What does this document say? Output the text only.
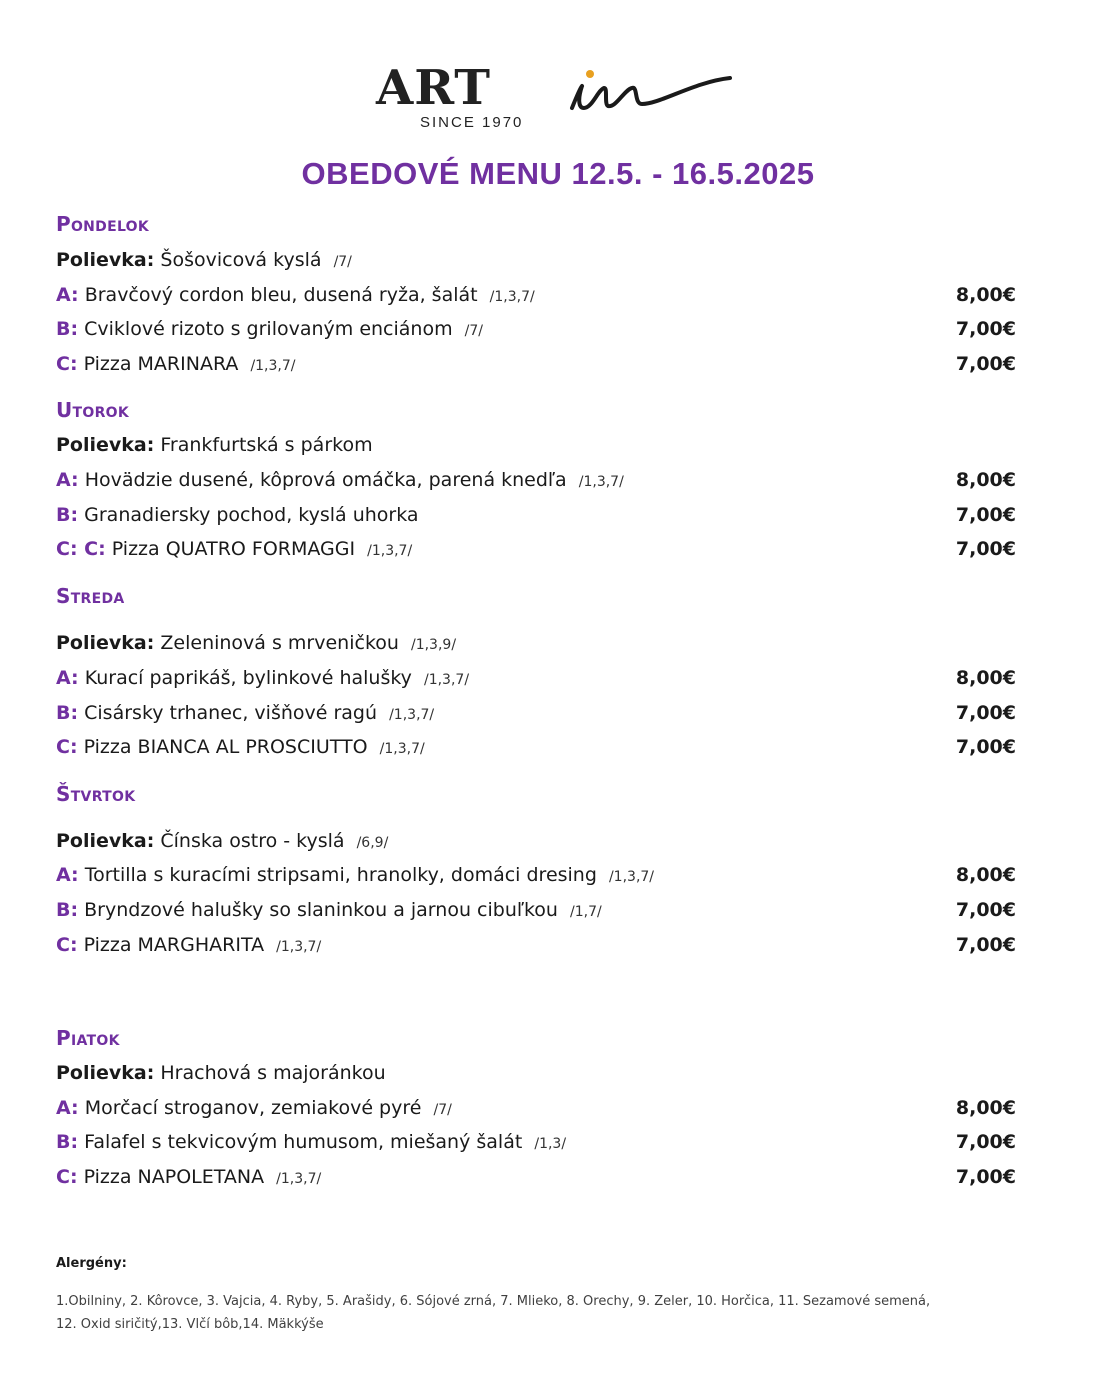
ART
SINCE 1970
OBEDOVÉ MENU 12.5. - 16.5.2025
Pondelok
Polievka: Šošovicová kyslá /7/
A: Bravčový cordon bleu, dusená ryža, šalát /1,3,7/	8,00€
B: Cviklové rizoto s grilovaným enciánom /7/	7,00€
C: Pizza MARINARA /1,3,7/	7,00€
Utorok
Polievka: Frankfurtská s párkom
A: Hovädzie dusené, kôprová omáčka, parená knedľa /1,3,7/	8,00€
B: Granadiersky pochod, kyslá uhorka	7,00€
C: C: Pizza QUATRO FORMAGGI /1,3,7/	7,00€
Streda
Polievka: Zeleninová s mrveničkou /1,3,9/
A: Kurací paprikáš, bylinkové halušky /1,3,7/	8,00€
B: Cisársky trhanec, višňové ragú /1,3,7/	7,00€
C: Pizza BIANCA AL PROSCIUTTO /1,3,7/	7,00€
Štvrtok
Polievka: Čínska ostro - kyslá /6,9/
A: Tortilla s kuracími stripsami, hranolky, domáci dresing /1,3,7/	8,00€
B: Bryndzové halušky so slaninkou a jarnou cibuľkou /1,7/	7,00€
C: Pizza MARGHARITA /1,3,7/	7,00€
Piatok
Polievka: Hrachová s majoránkou
A: Morčací stroganov, zemiakové pyré /7/	8,00€
B: Falafel s tekvicovým humusom, miešaný šalát /1,3/	7,00€
C: Pizza NAPOLETANA /1,3,7/	7,00€
Alergény:
1.Obilniny, 2. Kôrovce, 3. Vajcia, 4. Ryby, 5. Arašidy, 6. Sójové zrná, 7. Mlieko, 8. Orechy, 9. Zeler, 10. Horčica, 11. Sezamové semená,
12. Oxid siričitý,13. Vlčí bôb,14. Mäkkýše
